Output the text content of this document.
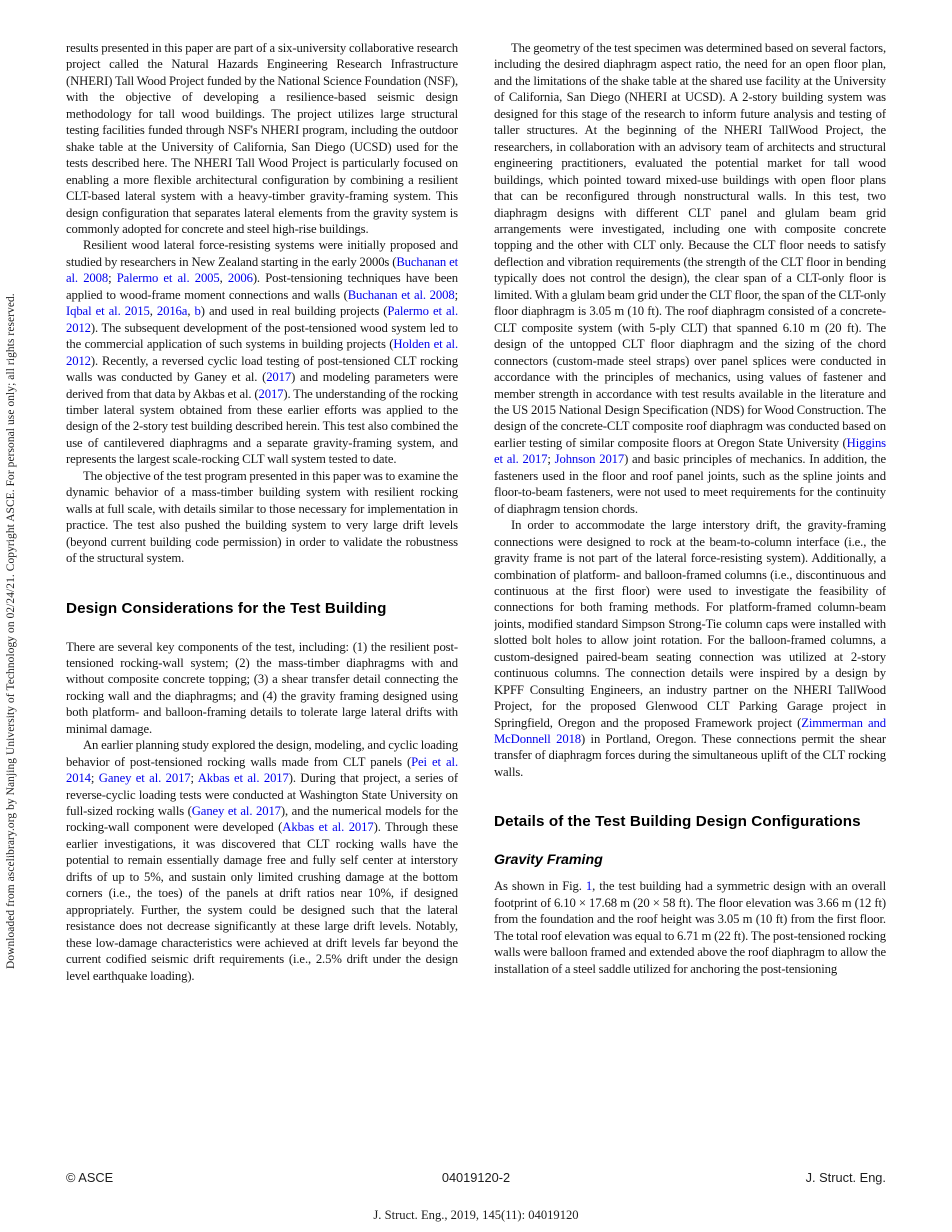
Downloaded from ascelibrary.org by Nanjing University of Technology on 02/24/21. Copyright ASCE. For personal use only; all rights reserved.

results presented in this paper are part of a six-university collaborative research project called the Natural Hazards Engineering Research Infrastructure (NHERI) Tall Wood Project funded by the National Science Foundation (NSF), with the objective of developing a resilience-based seismic design methodology for tall wood buildings. The project utilizes large structural testing facilities funded through NSF's NHERI program, including the outdoor shake table at the University of California, San Diego (UCSD) used for the tests described here. The NHERI Tall Wood Project is particularly focused on enabling a more flexible architectural configuration by combining a resilient CLT-based lateral system with a heavy-timber gravity-framing system. This design configuration that separates lateral elements from the gravity system is commonly adopted for concrete and steel high-rise buildings.

Resilient wood lateral force-resisting systems were initially proposed and studied by researchers in New Zealand starting in the early 2000s (Buchanan et al. 2008; Palermo et al. 2005, 2006). Post-tensioning techniques have been applied to wood-frame moment connections and walls (Buchanan et al. 2008; Iqbal et al. 2015, 2016a, b) and used in real building projects (Palermo et al. 2012). The subsequent development of the post-tensioned wood system led to the commercial application of such systems in building projects (Holden et al. 2012). Recently, a reversed cyclic load testing of post-tensioned CLT rocking walls was conducted by Ganey et al. (2017) and modeling parameters were derived from that data by Akbas et al. (2017). The understanding of the rocking timber lateral system obtained from these earlier efforts was applied to the design of the 2-story test building described herein. This test also combined the use of cantilevered diaphragms and a separate gravity-framing system, and represents the largest scale-rocking CLT wall system tested to date.

The objective of the test program presented in this paper was to examine the dynamic behavior of a mass-timber building system with resilient rocking walls at full scale, with details similar to those necessary for implementation in practice. The test also pushed the building system to very large drift levels (beyond current building code permission) in order to validate the robustness of the structural system.

Design Considerations for the Test Building

There are several key components of the test, including: (1) the resilient post-tensioned rocking-wall system; (2) the mass-timber diaphragms with and without composite concrete topping; (3) a shear transfer detail connecting the rocking wall and the diaphragms; and (4) the gravity framing designed using both platform- and balloon-framing details to tolerate large lateral drifts with minimal damage.

An earlier planning study explored the design, modeling, and cyclic loading behavior of post-tensioned rocking walls made from CLT panels (Pei et al. 2014; Ganey et al. 2017; Akbas et al. 2017). During that project, a series of reverse-cyclic loading tests were conducted at Washington State University on full-sized rocking walls (Ganey et al. 2017), and the numerical models for the rocking-wall component were developed (Akbas et al. 2017). Through these earlier investigations, it was discovered that CLT rocking walls have the potential to remain essentially damage free and fully self center at interstory drifts of up to 5%, and sustain only limited crushing damage at the bottom corners (i.e., the toes) of the panels at drift ratios near 10%, if designed appropriately. Further, the system could be designed such that the lateral resistance does not decrease significantly at these large drift levels. Notably, these low-damage characteristics were achieved at drift levels far beyond the current codified seismic drift requirements (i.e., 2.5% drift under the design level earthquake loading).

The geometry of the test specimen was determined based on several factors, including the desired diaphragm aspect ratio, the need for an open floor plan, and the limitations of the shake table at the shared use facility at the University of California, San Diego (NHERI at UCSD). A 2-story building system was designed for this stage of the research to inform future analysis and testing of taller structures. At the beginning of the NHERI TallWood Project, the researchers, in collaboration with an advisory team of architects and structural engineering practitioners, evaluated the potential market for tall wood buildings, which pointed toward mixed-use buildings with open floor plans that can be reconfigured through nonstructural walls. In this test, two diaphragm designs with different CLT panel and glulam beam grid arrangements were investigated, including one with composite concrete topping and the other with CLT only. Because the CLT floor needs to satisfy deflection and vibration requirements (the strength of the CLT floor in bending typically does not control the design), the clear span of a CLT-only floor is limited. With a glulam beam grid under the CLT floor, the span of the CLT-only floor diaphragm is 3.05 m (10 ft). The roof diaphragm consisted of a concrete-CLT composite system (with 5-ply CLT) that spanned 6.10 m (20 ft). The design of the untopped CLT floor diaphragm and the sizing of the chord connectors (custom-made steel straps) over panel splices were conducted in accordance with the principles of mechanics, using values of fastener and member strength in accordance with test results available in the literature and the US 2015 National Design Specification (NDS) for Wood Construction. The design of the concrete-CLT composite roof diaphragm was conducted based on earlier testing of similar composite floors at Oregon State University (Higgins et al. 2017; Johnson 2017) and basic principles of mechanics. In addition, the fasteners used in the floor and roof panel joints, such as the spline joints and floor-to-beam fasteners, were not used to meet requirements for the continuity of diaphragm tension chords.

In order to accommodate the large interstory drift, the gravity-framing connections were designed to rock at the beam-to-column interface (i.e., the gravity frame is not part of the lateral force-resisting system). Additionally, a combination of platform- and balloon-framed columns (i.e., discontinuous and continuous at the first floor) were used to investigate the feasibility of connections for both framing methods. For platform-framed column-beam joints, modified standard Simpson Strong-Tie column caps were installed with slotted bolt holes to allow joint rotation. For the balloon-framed columns, a custom-designed paired-beam seating connection was utilized at 2-story continuous columns. The connection details were inspired by a design by KPFF Consulting Engineers, an industry partner on the NHERI TallWood Project, for the proposed Glenwood CLT Parking Garage project in Springfield, Oregon and the proposed Framework project (Zimmerman and McDonnell 2018) in Portland, Oregon. These connections permit the shear transfer of diaphragm forces during the simultaneous uplift of the CLT rocking walls.

Details of the Test Building Design Configurations
Gravity Framing

As shown in Fig. 1, the test building had a symmetric design with an overall footprint of 6.10 × 17.68 m (20 × 58 ft). The floor elevation was 3.66 m (12 ft) from the foundation and the roof height was 3.05 m (10 ft) from the first floor. The total roof elevation was equal to 6.71 m (22 ft). The post-tensioned rocking walls were balloon framed and extended above the roof diaphragm to allow the installation of a steel saddle utilized for anchoring the post-tensioning

© ASCE	04019120-2	J. Struct. Eng.
J. Struct. Eng., 2019, 145(11): 04019120
